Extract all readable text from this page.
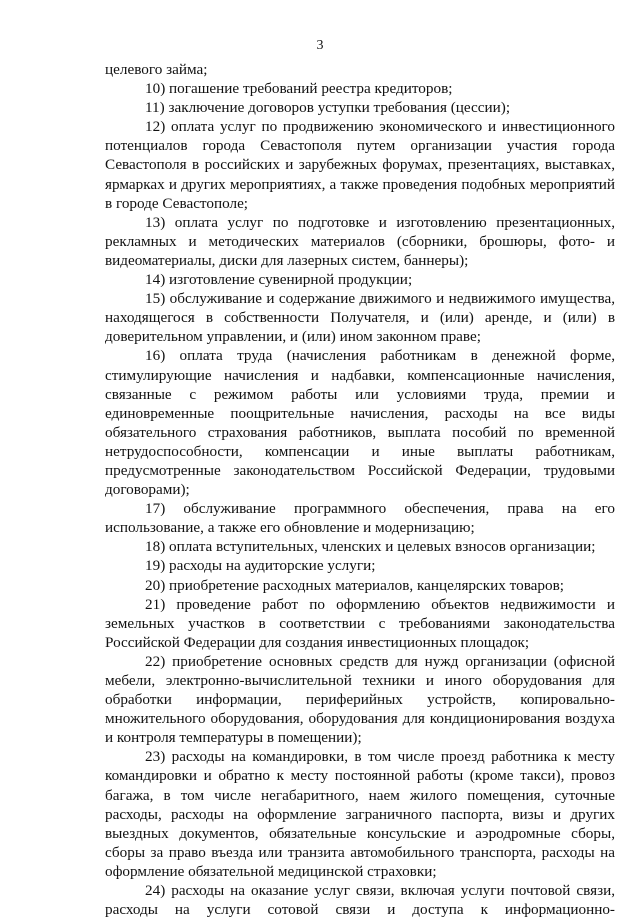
3

целевого займа;

10) погашение требований реестра кредиторов;

11) заключение договоров уступки требования (цессии);

12) оплата услуг по продвижению экономического и инвестиционного потенциалов города Севастополя путем организации участия города Севастополя в российских и зарубежных форумах, презентациях, выставках, ярмарках и других мероприятиях, а также проведения подобных мероприятий в городе Севастополе;

13) оплата услуг по подготовке и изготовлению презентационных, рекламных и методических материалов (сборники, брошюры, фото- и видеоматериалы, диски для лазерных систем, баннеры);

14) изготовление сувенирной продукции;

15) обслуживание и содержание движимого и недвижимого имущества, находящегося в собственности Получателя, и (или) аренде, и (или) в доверительном управлении, и (или) ином законном праве;

16) оплата труда (начисления работникам в денежной форме, стимулирующие начисления и надбавки, компенсационные начисления, связанные с режимом работы или условиями труда, премии и единовременные поощрительные начисления, расходы на все виды обязательного страхования работников, выплата пособий по временной нетрудоспособности, компенсации и иные выплаты работникам, предусмотренные законодательством Российской Федерации, трудовыми договорами);

17) обслуживание программного обеспечения, права на его использование, а также его обновление и модернизацию;

18) оплата вступительных, членских и целевых взносов организации;

19) расходы на аудиторские услуги;

20) приобретение расходных материалов, канцелярских товаров;

21) проведение работ по оформлению объектов недвижимости и земельных участков в соответствии с требованиями законодательства Российской Федерации для создания инвестиционных площадок;

22) приобретение основных средств для нужд организации (офисной мебели, электронно-вычислительной техники и иного оборудования для обработки информации, периферийных устройств, копировально-множительного оборудования, оборудования для кондиционирования воздуха и контроля температуры в помещении);

23) расходы на командировки, в том числе проезд работника к месту командировки и обратно к месту постоянной работы (кроме такси), провоз багажа, в том числе негабаритного, наем жилого помещения, суточные расходы, расходы на оформление заграничного паспорта, визы и других выездных документов, обязательные консульские и аэродромные сборы, сборы за право въезда или транзита автомобильного транспорта, расходы на оформление обязательной медицинской страховки;

24) расходы на оказание услуг связи, включая услуги почтовой связи, расходы на услуги сотовой связи и доступа к информационно-
